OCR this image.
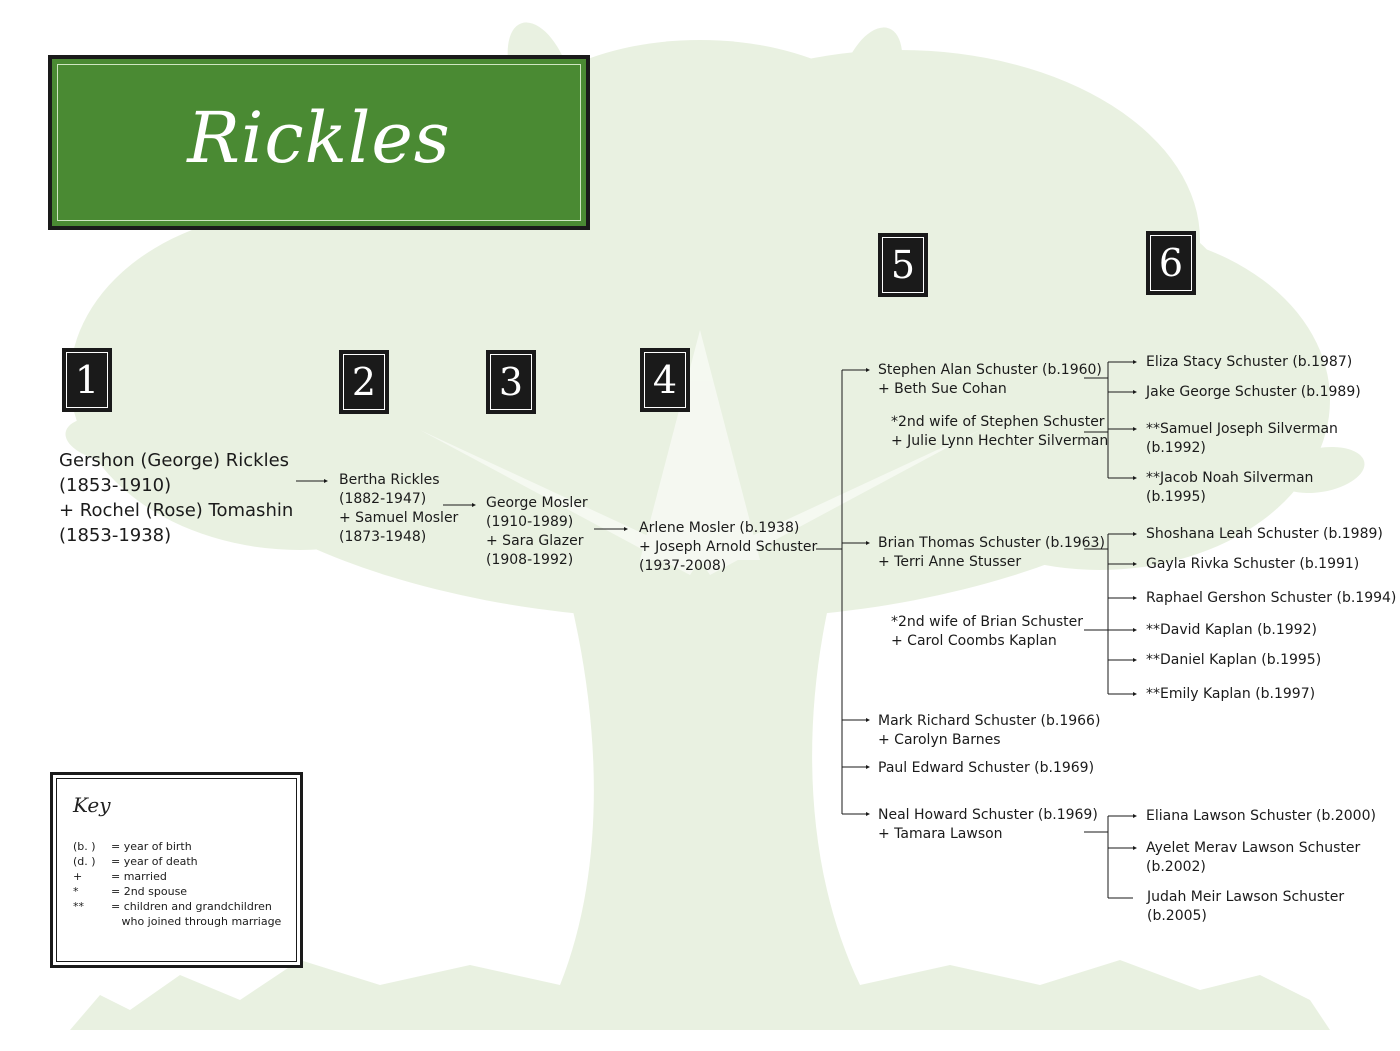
Rickles
1	2	3	4
5	6
Gershon (George) Rickles
(1853-1910)
+ Rochel (Rose) Tomashin
(1853-1938)
Bertha Rickles
(1882-1947)
+ Samuel Mosler
(1873-1948)
George Mosler
(1910-1989)
+ Sara Glazer
(1908-1992)
Arlene Mosler (b.1938)
+ Joseph Arnold Schuster
(1937-2008)
Stephen Alan Schuster (b.1960)
+ Beth Sue Cohan
*2nd wife of Stephen Schuster
+ Julie Lynn Hechter Silverman
Brian Thomas Schuster (b.1963)
+ Terri Anne Stusser
*2nd wife of Brian Schuster
+ Carol Coombs Kaplan
Mark Richard Schuster (b.1966)
+ Carolyn Barnes
Paul Edward Schuster (b.1969)
Neal Howard Schuster (b.1969)
+ Tamara Lawson
Eliza Stacy Schuster (b.1987)
Jake George Schuster (b.1989)
**Samuel Joseph Silverman
(b.1992)
**Jacob Noah Silverman
(b.1995)
Shoshana Leah Schuster (b.1989)
Gayla Rivka Schuster (b.1991)
Raphael Gershon Schuster (b.1994)
**David Kaplan (b.1992)
**Daniel Kaplan (b.1995)
**Emily Kaplan (b.1997)
Eliana Lawson Schuster (b.2000)
Ayelet Merav Lawson Schuster
(b.2002)
Judah Meir Lawson Schuster
(b.2005)
Key
(b. ) = year of birth
(d. ) = year of death
+	= married
*	= 2nd spouse
** = children and grandchildren
who joined through marriage
